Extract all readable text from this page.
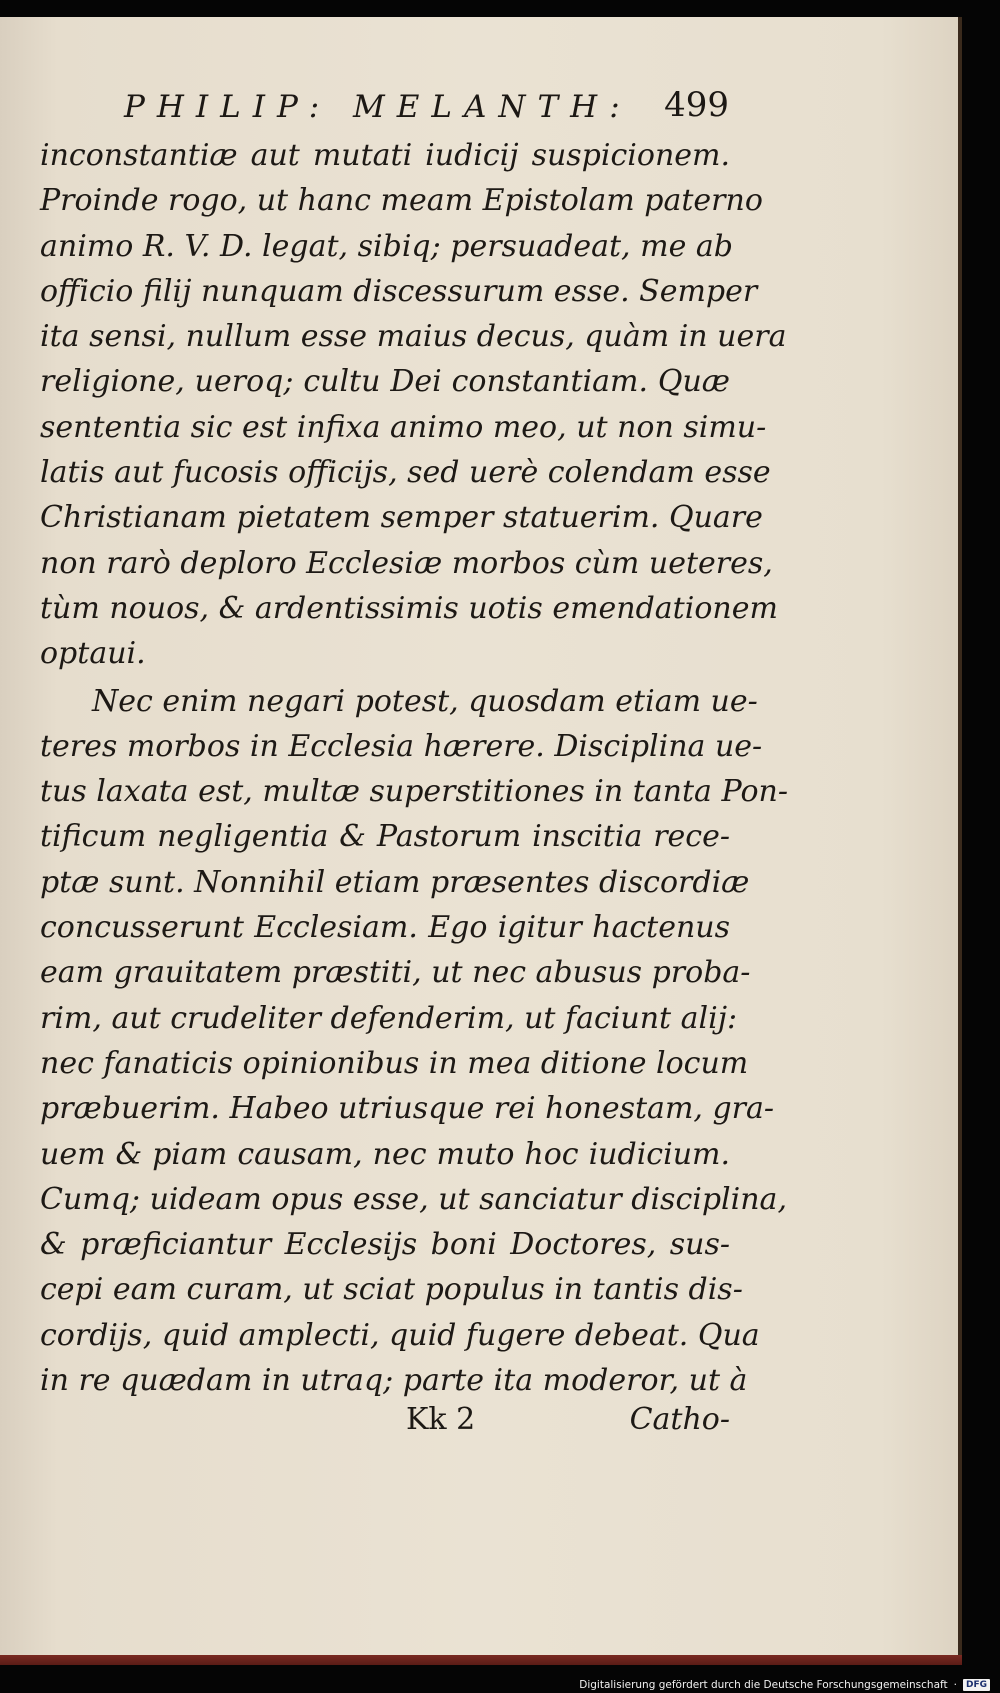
PHILIP: MELANTH: 499
inconstantiæ aut mutati iudicij suspicionem.
Proinde rogo, ut hanc meam Epistolam paterno
animo R. V. D. legat, sibiq; persuadeat, me ab
officio filij nunquam discessurum esse. Semper
ita sensi, nullum esse maius decus, quàm in uera
religione, ueroq; cultu Dei constantiam. Quæ
sententia sic est infixa animo meo, ut non simu-
latis aut fucosis officijs, sed uerè colendam esse
Christianam pietatem semper statuerim. Quare
non rarò deploro Ecclesiæ morbos cùm ueteres,
tùm nouos, & ardentissimis uotis emendationem
optaui.
Nec enim negari potest, quosdam etiam ue-
teres morbos in Ecclesia hærere. Disciplina ue-
tus laxata est, multæ superstitiones in tanta Pon-
tificum negligentia & Pastorum inscitia rece-
ptæ sunt. Nonnihil etiam præsentes discordiæ
concusserunt Ecclesiam. Ego igitur hactenus
eam grauitatem præstiti, ut nec abusus proba-
rim, aut crudeliter defenderim, ut faciunt alij:
nec fanaticis opinionibus in mea ditione locum
præbuerim. Habeo utriusque rei honestam, gra-
uem & piam causam, nec muto hoc iudicium.
Cumq; uideam opus esse, ut sanciatur disciplina,
& præficiantur Ecclesijs boni Doctores, sus-
cepi eam curam, ut sciat populus in tantis dis-
cordijs, quid amplecti, quid fugere debeat. Qua
in re quædam in utraq; parte ita moderor, ut à
Kk 2	Catho-
Digitalisierung gefördert durch die Deutsche Forschungsgemeinschaft ·	DFG
